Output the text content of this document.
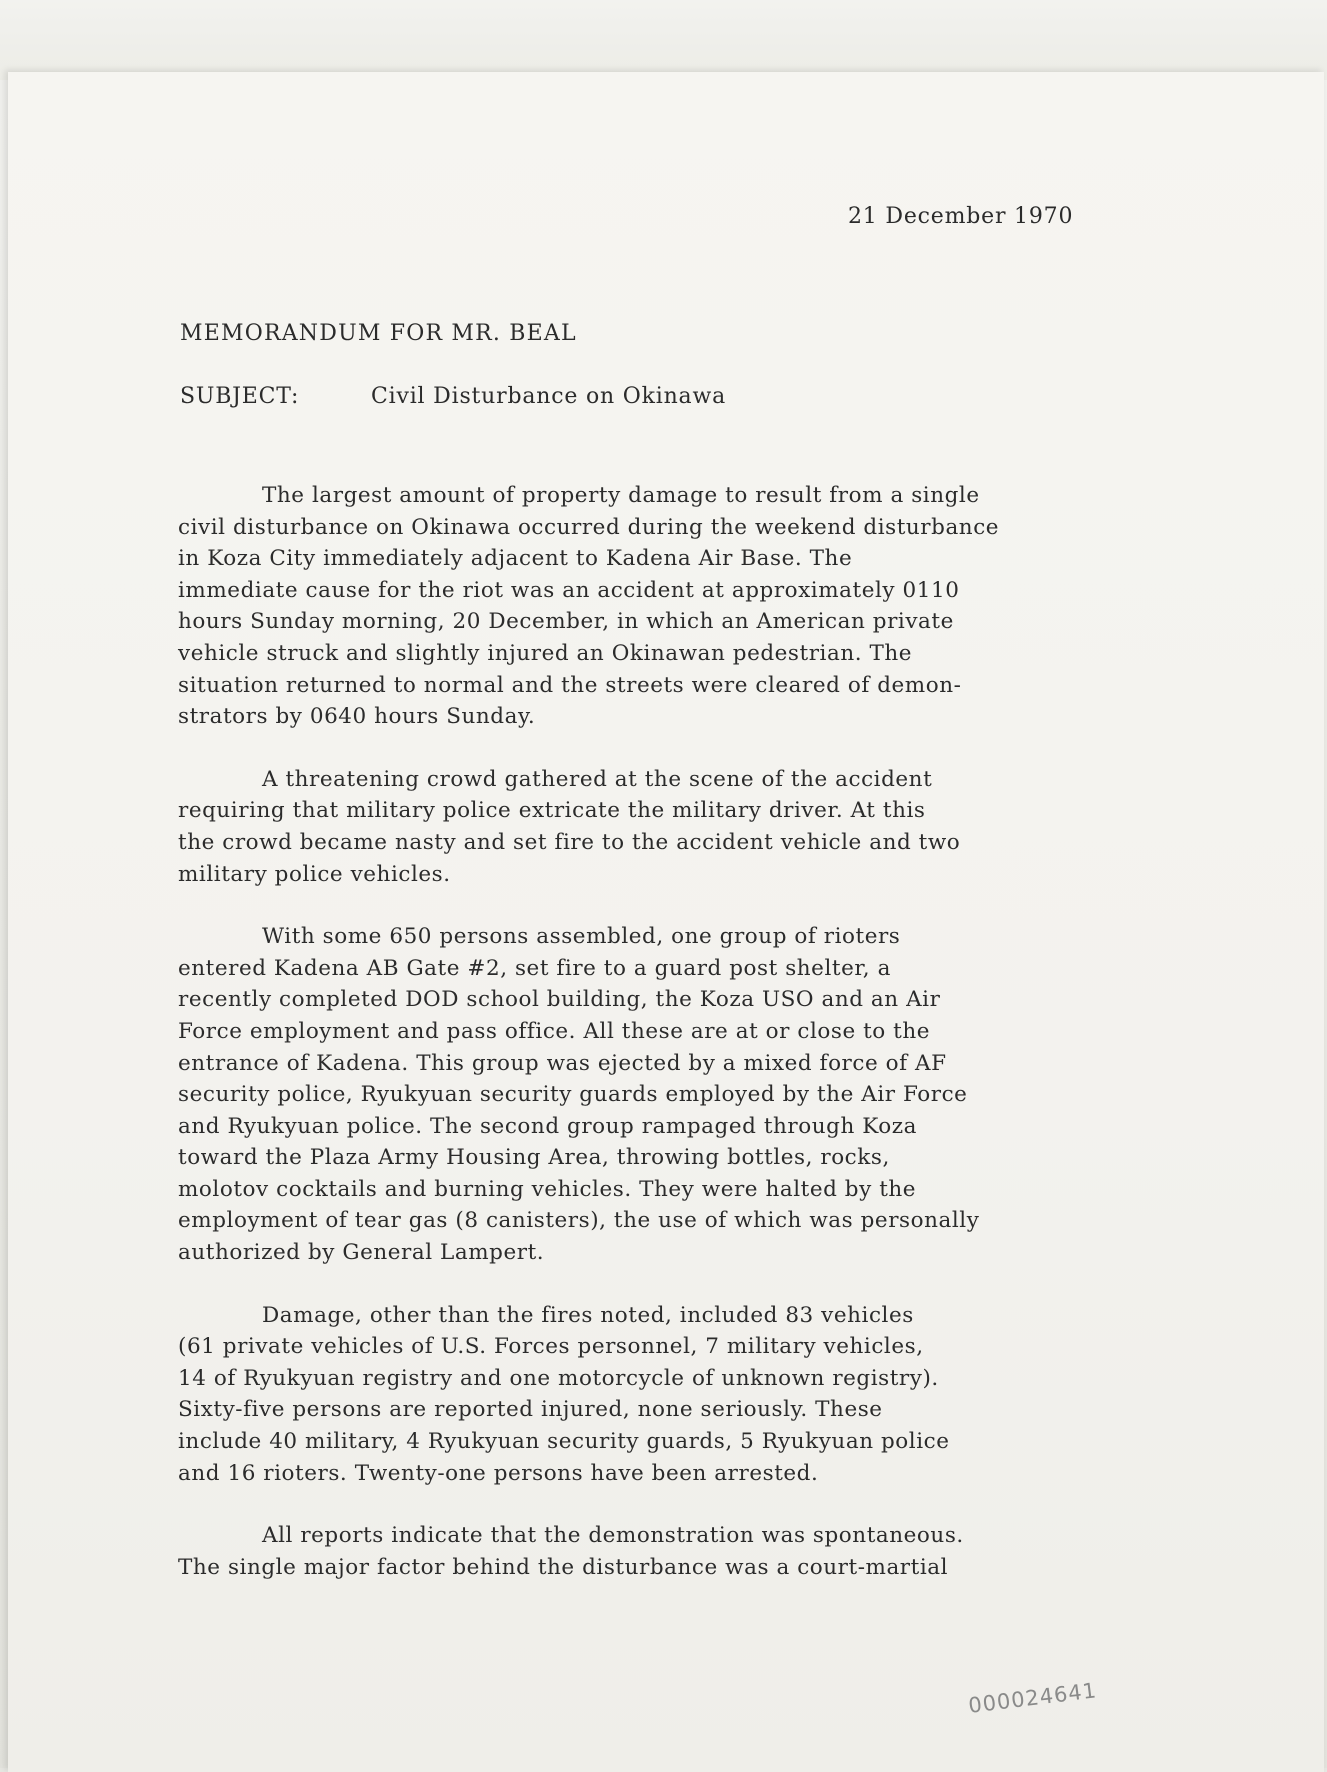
21 December 1970
MEMORANDUM FOR MR. BEAL
SUBJECT:	Civil Disturbance on Okinawa
The largest amount of property damage to result from a single
civil disturbance on Okinawa occurred during the weekend disturbance
in Koza City immediately adjacent to Kadena Air Base. The
immediate cause for the riot was an accident at approximately 0110
hours Sunday morning, 20 December, in which an American private
vehicle struck and slightly injured an Okinawan pedestrian. The
situation returned to normal and the streets were cleared of demon-
strators by 0640 hours Sunday.
A threatening crowd gathered at the scene of the accident
requiring that military police extricate the military driver. At this
the crowd became nasty and set fire to the accident vehicle and two
military police vehicles.
With some 650 persons assembled, one group of rioters
entered Kadena AB Gate #2, set fire to a guard post shelter, a
recently completed DOD school building, the Koza USO and an Air
Force employment and pass office. All these are at or close to the
entrance of Kadena. This group was ejected by a mixed force of AF
security police, Ryukyuan security guards employed by the Air Force
and Ryukyuan police. The second group rampaged through Koza
toward the Plaza Army Housing Area, throwing bottles, rocks,
molotov cocktails and burning vehicles. They were halted by the
employment of tear gas (8 canisters), the use of which was personally
authorized by General Lampert.
Damage, other than the fires noted, included 83 vehicles
(61 private vehicles of U.S. Forces personnel, 7 military vehicles,
14 of Ryukyuan registry and one motorcycle of unknown registry).
Sixty-five persons are reported injured, none seriously. These
include 40 military, 4 Ryukyuan security guards, 5 Ryukyuan police
and 16 rioters. Twenty-one persons have been arrested.
All reports indicate that the demonstration was spontaneous.
The single major factor behind the disturbance was a court-martial
000024641
